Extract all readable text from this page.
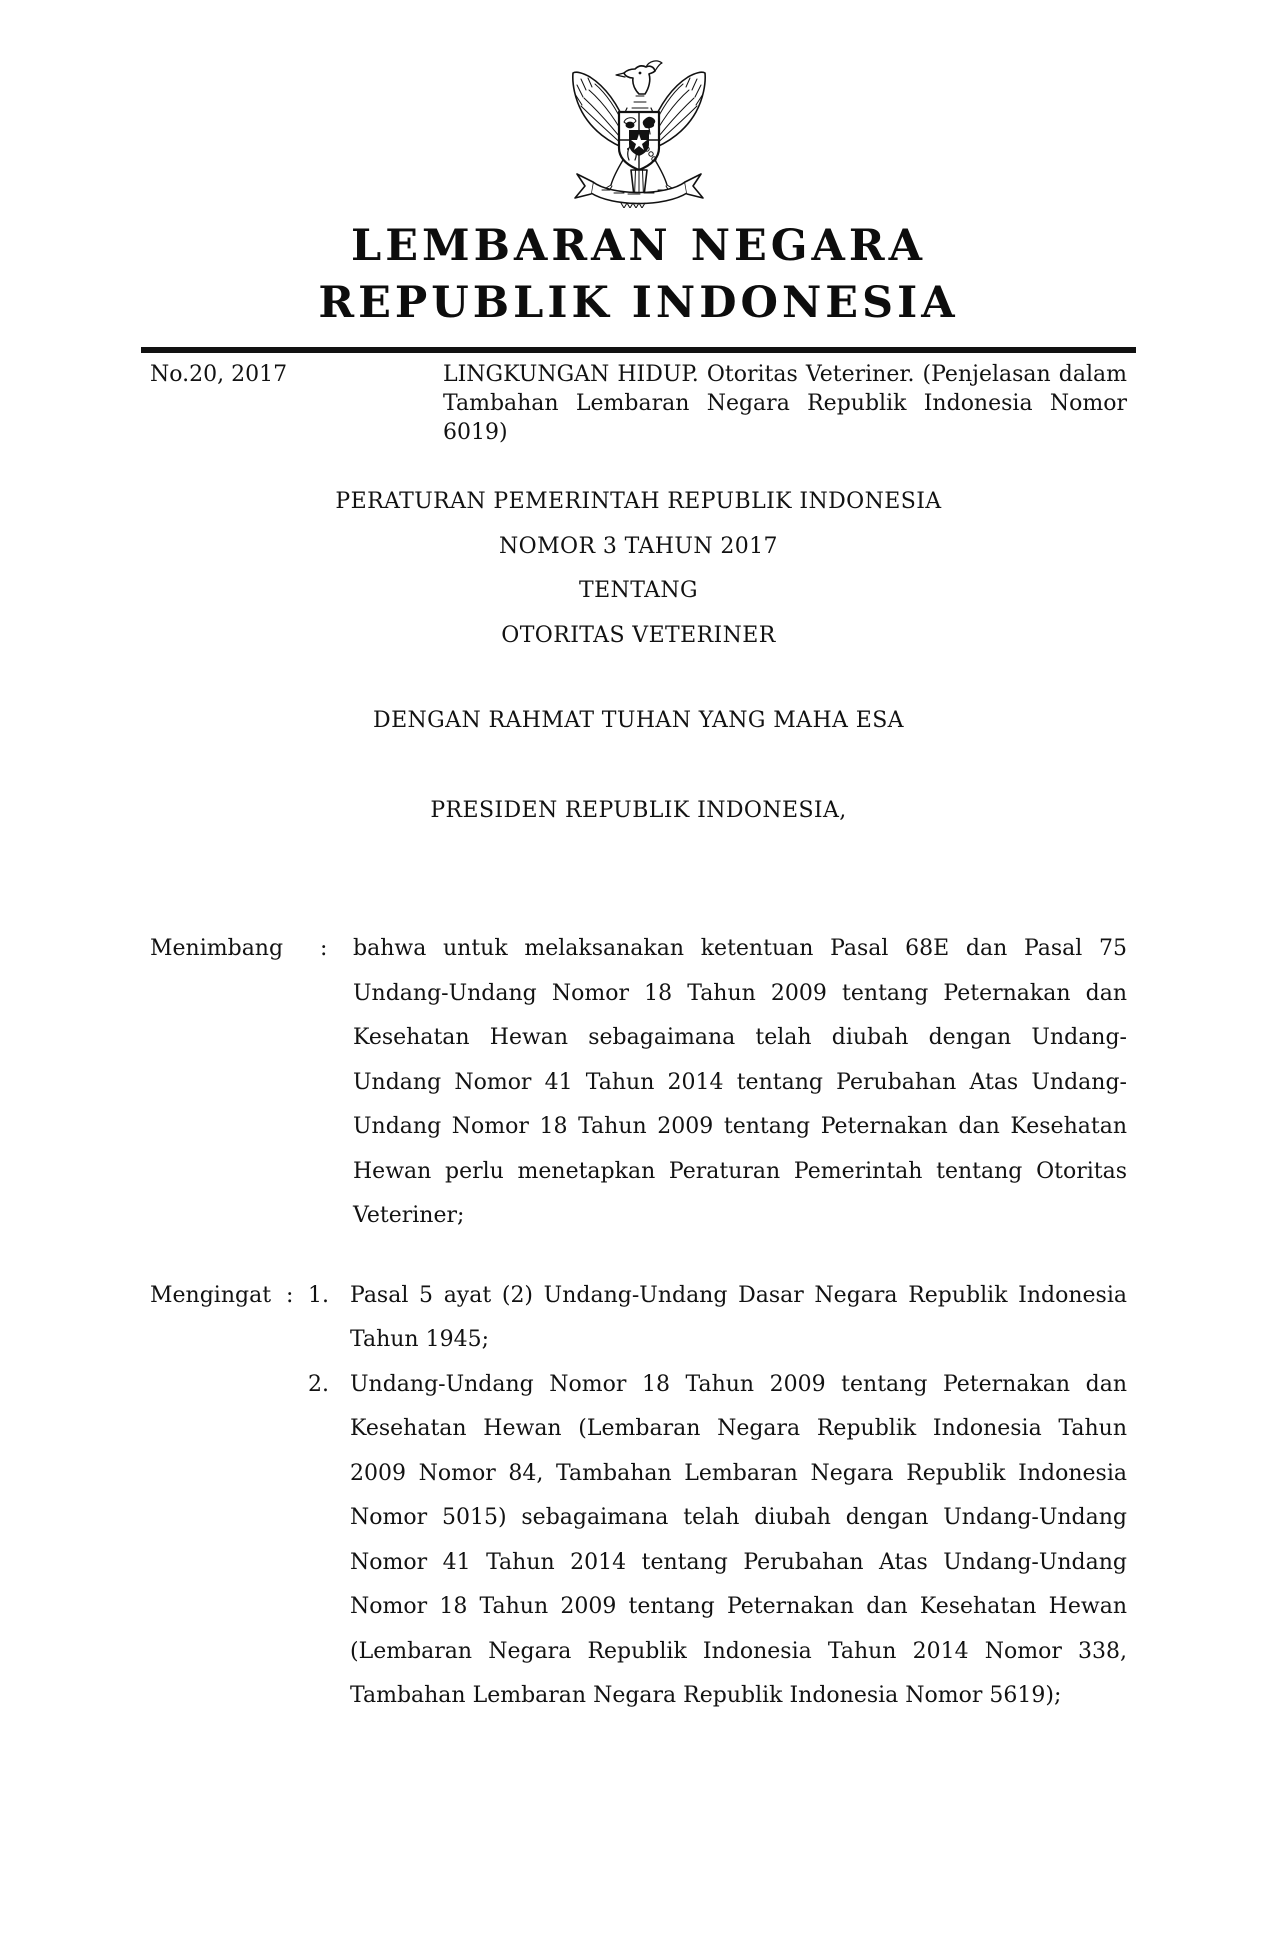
LEMBARAN NEGARA
REPUBLIK INDONESIA
No.20, 2017	LINGKUNGAN HIDUP. Otoritas Veteriner. (Penjelasan dalam Tambahan Lembaran Negara Republik Indonesia Nomor 6019)
PERATURAN PEMERINTAH REPUBLIK INDONESIA
NOMOR 3 TAHUN 2017
TENTANG
OTORITAS VETERINER
DENGAN RAHMAT TUHAN YANG MAHA ESA
PRESIDEN REPUBLIK INDONESIA,
Menimbang	:	bahwa untuk melaksanakan ketentuan Pasal 68E dan Pasal 75 Undang-Undang Nomor 18 Tahun 2009 tentang Peternakan dan Kesehatan Hewan sebagaimana telah diubah dengan Undang-Undang Nomor 41 Tahun 2014 tentang Perubahan Atas Undang-Undang Nomor 18 Tahun 2009 tentang Peternakan dan Kesehatan Hewan perlu menetapkan Peraturan Pemerintah tentang Otoritas Veteriner;
Mengingat : 1. Pasal 5 ayat (2) Undang-Undang Dasar Negara Republik Indonesia Tahun 1945;
2. Undang-Undang Nomor 18 Tahun 2009 tentang Peternakan dan Kesehatan Hewan (Lembaran Negara Republik Indonesia Tahun 2009 Nomor 84, Tambahan Lembaran Negara Republik Indonesia Nomor 5015) sebagaimana telah diubah dengan Undang-Undang Nomor 41 Tahun 2014 tentang Perubahan Atas Undang-Undang Nomor 18 Tahun 2009 tentang Peternakan dan Kesehatan Hewan (Lembaran Negara Republik Indonesia Tahun 2014 Nomor 338, Tambahan Lembaran Negara Republik Indonesia Nomor 5619);
